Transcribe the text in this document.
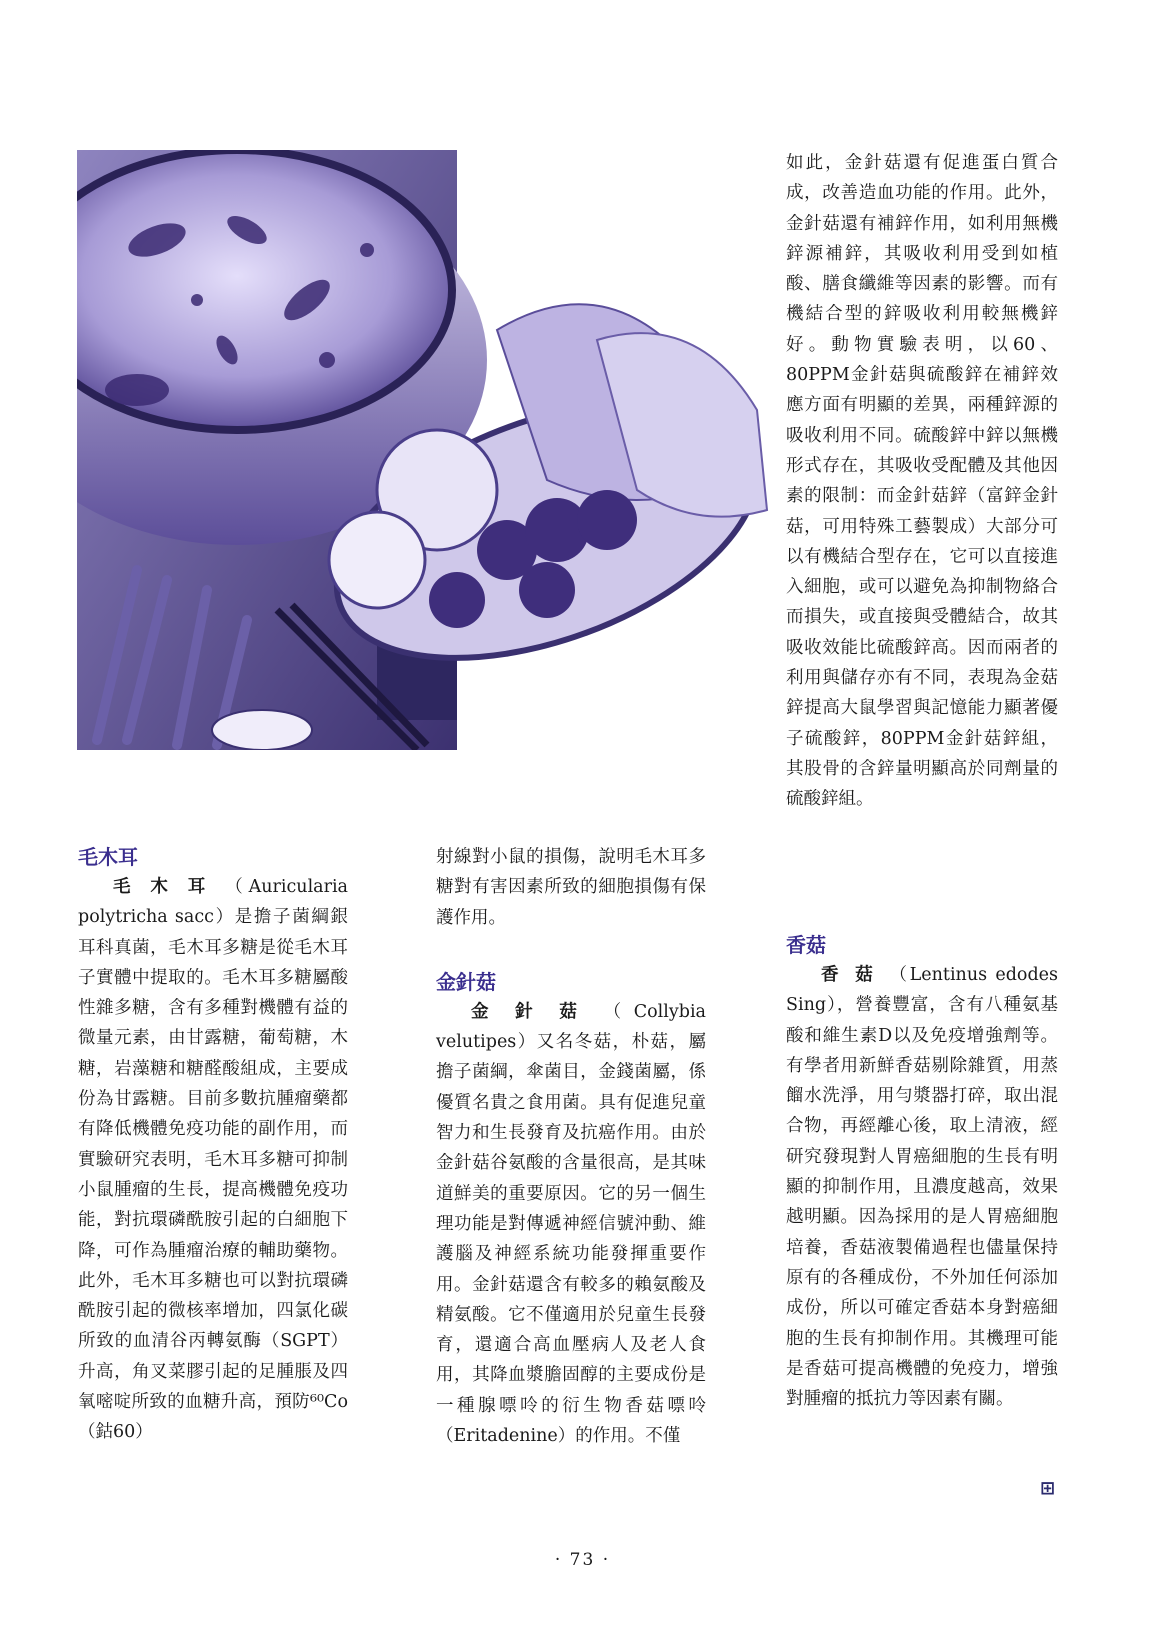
如此，金針菇還有促進蛋白質合成，改善造血功能的作用。此外，金針菇還有補鋅作用，如利用無機鋅源補鋅，其吸收利用受到如植酸、膳食纖維等因素的影響。而有機結合型的鋅吸收利用較無機鋅好。動物實驗表明，以60、80PPM金針菇與硫酸鋅在補鋅效應方面有明顯的差異，兩種鋅源的吸收利用不同。硫酸鋅中鋅以無機形式存在，其吸收受配體及其他因素的限制：而金針菇鋅（富鋅金針菇，可用特殊工藝製成）大部分可以有機結合型存在，它可以直接進入細胞，或可以避免為抑制物絡合而損失，或直接與受體結合，故其吸收效能比硫酸鋅高。因而兩者的利用與儲存亦有不同，表現為金菇鋅提高大鼠學習與記憶能力顯著優子硫酸鋅，80PPM金針菇鋅組，其股骨的含鋅量明顯高於同劑量的硫酸鋅組。

毛木耳

毛木耳（Auricularia polytricha sacc）是擔子菌綱銀耳科真菌，毛木耳多糖是從毛木耳子實體中提取的。毛木耳多糖屬酸性雜多糖，含有多種對機體有益的微量元素，由甘露糖，葡萄糖，木糖，岩藻糖和糖醛酸組成，主要成份為甘露糖。目前多數抗腫瘤藥都有降低機體免疫功能的副作用，而實驗研究表明，毛木耳多糖可抑制小鼠腫瘤的生長，提高機體免疫功能，對抗環磷酰胺引起的白細胞下降，可作為腫瘤治療的輔助藥物。此外，毛木耳多糖也可以對抗環磷酰胺引起的微核率增加，四氯化碳所致的血清谷丙轉氨酶（SGPT）升高，角叉菜膠引起的足腫脹及四氧嘧啶所致的血糖升高，預防⁶⁰Co（鈷60）

射線對小鼠的損傷，說明毛木耳多糖對有害因素所致的細胞損傷有保護作用。

金針菇

金針菇（Collybia velutipes）又名冬菇，朴菇，屬擔子菌綱，傘菌目，金錢菌屬，係優質名貴之食用菌。具有促進兒童智力和生長發育及抗癌作用。由於金針菇谷氨酸的含量很高，是其味道鮮美的重要原因。它的另一個生理功能是對傳遞神經信號沖動、維護腦及神經系統功能發揮重要作用。金針菇還含有較多的賴氨酸及精氨酸。它不僅適用於兒童生長發育，還適合高血壓病人及老人食用，其降血漿膽固醇的主要成份是一種腺嘌呤的衍生物香菇嘌呤（Eritadenine）的作用。不僅

香菇

香菇（Lentinus edodes Sing），營養豐富，含有八種氨基酸和維生素D以及免疫增強劑等。有學者用新鮮香菇剔除雜質，用蒸餾水洗淨，用勻漿器打碎，取出混合物，再經離心後，取上清液，經研究發現對人胃癌細胞的生長有明顯的抑制作用，且濃度越高，效果越明顯。因為採用的是人胃癌細胞培養，香菇液製備過程也儘量保持原有的各種成份，不外加任何添加成份，所以可確定香菇本身對癌細胞的生長有抑制作用。其機理可能是香菇可提高機體的免疫力，增強對腫瘤的抵抗力等因素有關。

⊞
· 73 ·
